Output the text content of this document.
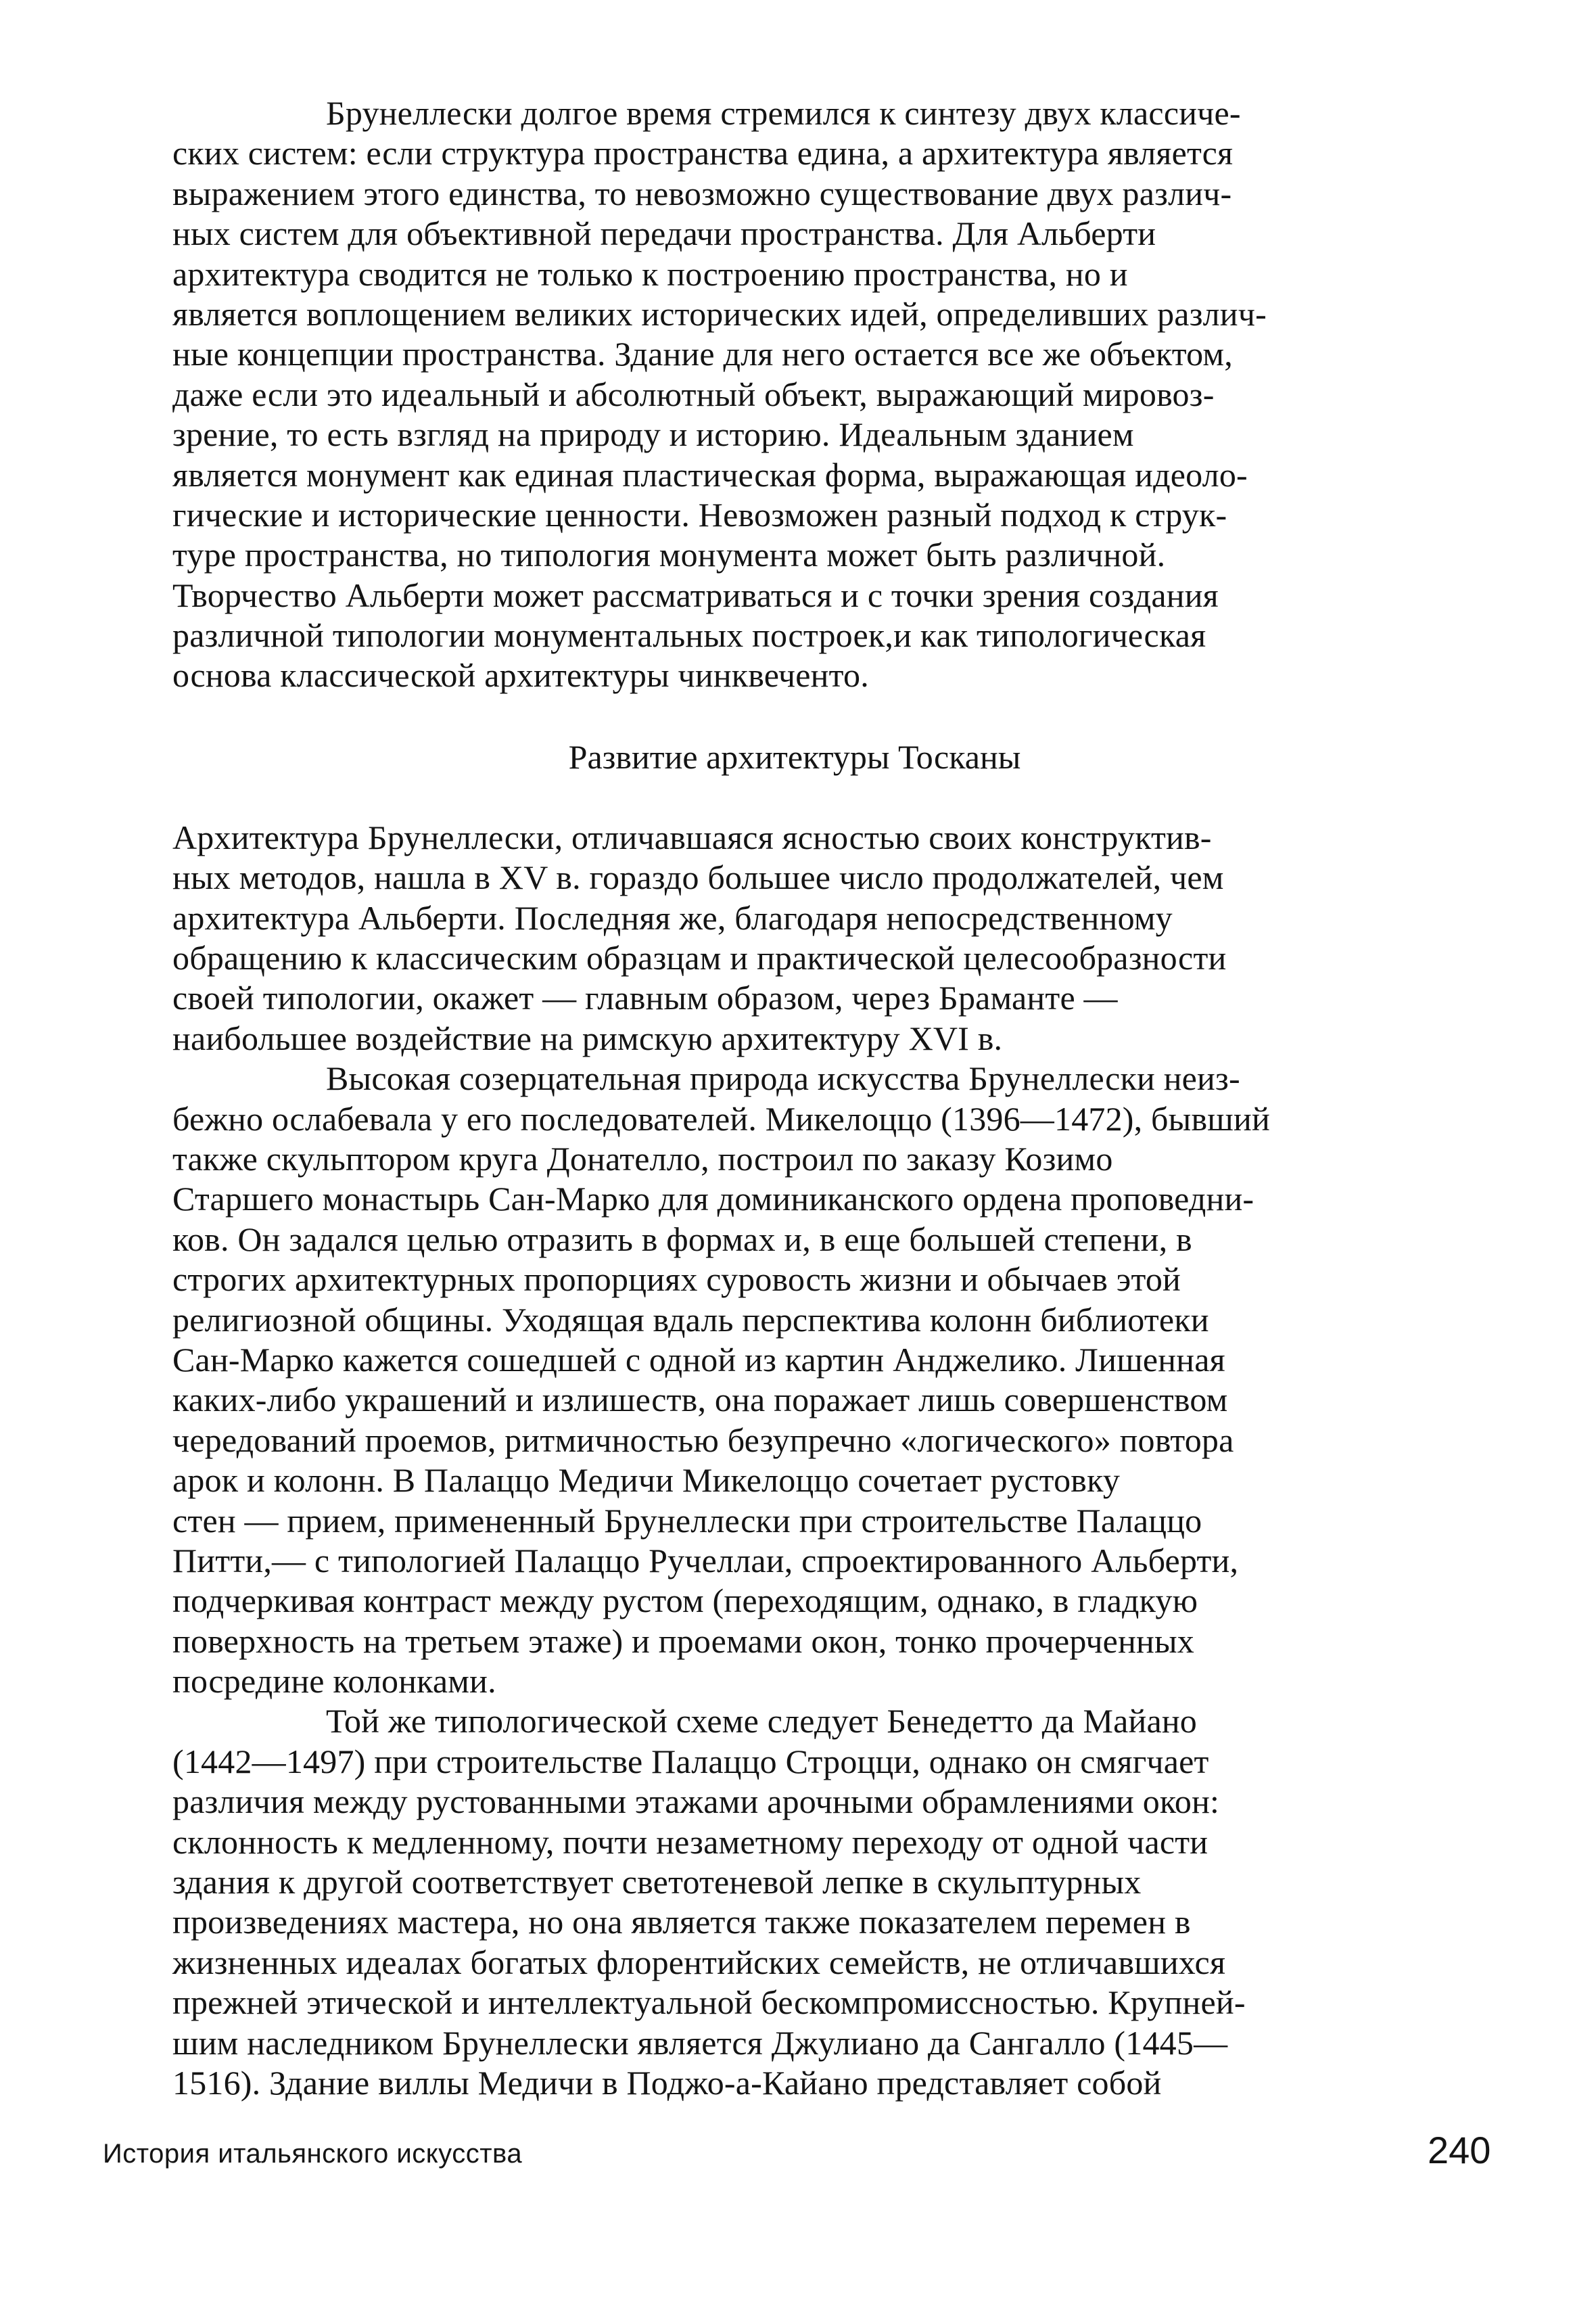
Брунеллески долгое время стремился к синтезу двух классиче-
ских систем: если структура пространства едина, а архитектура является
выражением этого единства, то невозможно существование двух различ-
ных систем для объективной передачи пространства. Для Альберти
архитектура сводится не только к построению пространства, но и
является воплощением великих исторических идей, определивших различ-
ные концепции пространства. Здание для него остается все же объектом,
даже если это идеальный и абсолютный объект, выражающий мировоз-
зрение, то есть взгляд на природу и историю. Идеальным зданием
является монумент как единая пластическая форма, выражающая идеоло-
гические и исторические ценности. Невозможен разный подход к струк-
туре пространства, но типология монумента может быть различной.
Творчество Альберти может рассматриваться и с точки зрения создания
различной типологии монументальных построек,и как типологическая
основа классической архитектуры чинквеченто.
Развитие архитектуры Тосканы
Архитектура Брунеллески, отличавшаяся ясностью своих конструктив-
ных методов, нашла в XV в. гораздо большее число продолжателей, чем
архитектура Альберти. Последняя же, благодаря непосредственному
обращению к классическим образцам и практической целесообразности
своей типологии, окажет — главным образом, через Браманте —
наибольшее воздействие на римскую архитектуру XVI в.
Высокая созерцательная природа искусства Брунеллески неиз-
бежно ослабевала у его последователей. Микелоццо (1396—1472), бывший
также скульптором круга Донателло, построил по заказу Козимо
Старшего монастырь Сан-Марко для доминиканского ордена проповедни-
ков. Он задался целью отразить в формах и, в еще большей степени, в
строгих архитектурных пропорциях суровость жизни и обычаев этой
религиозной общины. Уходящая вдаль перспектива колонн библиотеки
Сан-Марко кажется сошедшей с одной из картин Анджелико. Лишенная
каких-либо украшений и излишеств, она поражает лишь совершенством
чередований проемов, ритмичностью безупречно «логического» повтора
арок и колонн. В Палаццо Медичи Микелоццо сочетает рустовку
стен — прием, примененный Брунеллески при строительстве Палаццо
Питти,— с типологией Палаццо Ручеллаи, спроектированного Альберти,
подчеркивая контраст между рустом (переходящим, однако, в гладкую
поверхность на третьем этаже) и проемами окон, тонко прочерченных
посредине колонками.
Той же типологической схеме следует Бенедетто да Майано
(1442—1497) при строительстве Палаццо Строцци, однако он смягчает
различия между рустованными этажами арочными обрамлениями окон:
склонность к медленному, почти незаметному переходу от одной части
здания к другой соответствует светотеневой лепке в скульптурных
произведениях мастера, но она является также показателем перемен в
жизненных идеалах богатых флорентийских семейств, не отличавшихся
прежней этической и интеллектуальной бескомпромиссностью. Крупней-
шим наследником Брунеллески является Джулиано да Сангалло (1445—
1516). Здание виллы Медичи в Поджо-а-Кайано представляет собой
История итальянского искусства	240
